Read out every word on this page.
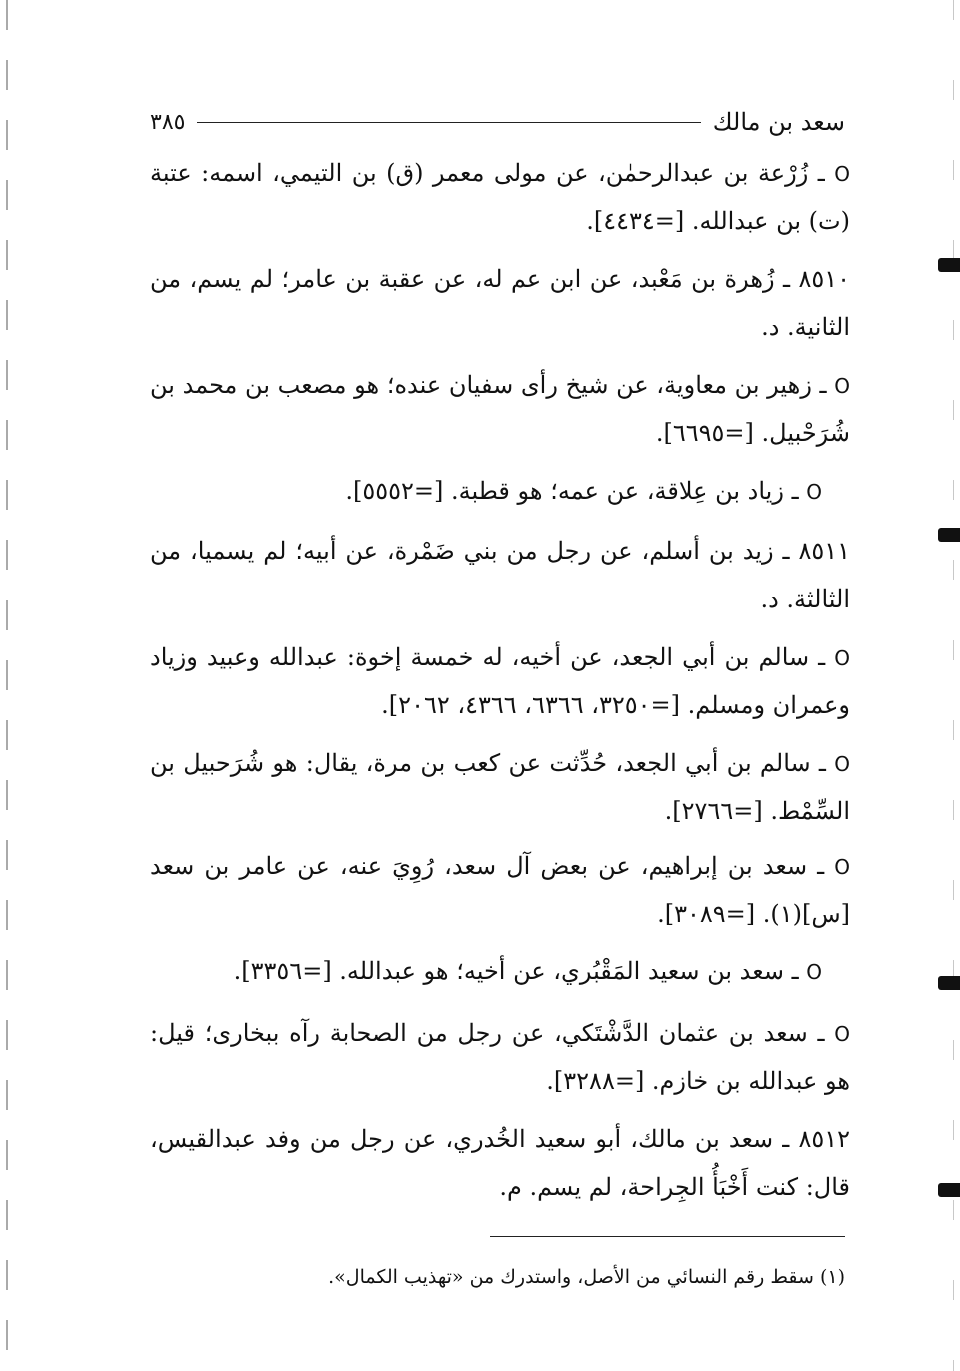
سعد بن مالك
٣٨٥

O ـ زُرْعة بن عبدالرحمٰن، عن مولى معمر (ق) بن التيمي، اسمه: عتبة (ت) بن عبدالله. [=٤٤٣٤].

٨٥١٠ ـ زُهرة بن مَعْبد، عن ابن عم له، عن عقبة بن عامر؛ لم يسم، من الثانية. د.

O ـ زهير بن معاوية، عن شيخ رأى سفيان عنده؛ هو مصعب بن محمد بن شُرَحْبيل. [=٦٦٩٥].

O ـ زياد بن عِلاقة، عن عمه؛ هو قطبة. [=٥٥٥٢].

٨٥١١ ـ زيد بن أسلم، عن رجل من بني ضَمْرة، عن أبيه؛ لم يسميا، من الثالثة. د.

O ـ سالم بن أبي الجعد، عن أخيه، له خمسة إخوة: عبدالله وعبيد وزياد وعمران ومسلم. [=٣٢٥٠، ٦٣٦٦، ٤٣٦٦، ٢٠٦٢].

O ـ سالم بن أبي الجعد، حُدِّثت عن كعب بن مرة، يقال: هو شُرَحبيل بن السِّمْط. [=٢٧٦٦].

O ـ سعد بن إبراهيم، عن بعض آل سعد، رُوِيَ عنه، عن عامر بن سعد [س](١). [=٣٠٨٩].

O ـ سعد بن سعيد المَقْبُري، عن أخيه؛ هو عبدالله. [=٣٣٥٦].

O ـ سعد بن عثمان الدَّشْتَكي، عن رجل من الصحابة رآه ببخارى؛ قيل: هو عبدالله بن خازم. [=٣٢٨٨].

٨٥١٢ ـ سعد بن مالك، أبو سعيد الخُدري، عن رجل من وفد عبدالقيس، قال: كنت أَخْبَأُ الجِراحة، لم يسم. م.

(١) سقط رقم النسائي من الأصل، واستدرك من «تهذيب الكمال».
